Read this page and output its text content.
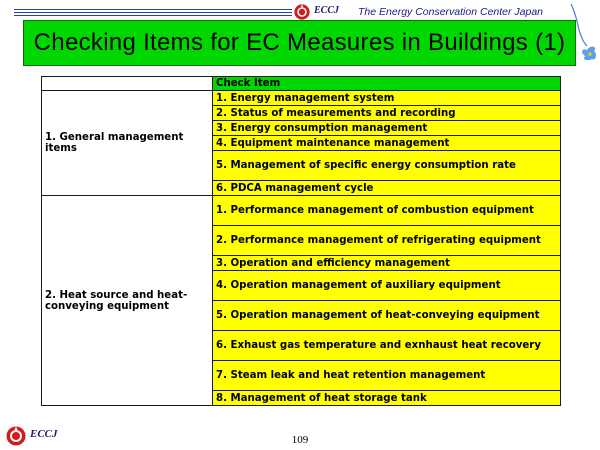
ECCJ The Energy Conservation Center Japan
Checking Items for EC Measures in Buildings (1)
	Check Item
1. General management items	1. Energy management system
	2. Status of measurements and recording
	3. Energy consumption management
	4. Equipment maintenance management
	5. Management of specific energy consumption rate
	6. PDCA management cycle
2. Heat source and heat-conveying equipment	1. Performance management of combustion equipment
	2. Performance management of refrigerating equipment
	3. Operation and efficiency management
	4. Operation management of auxiliary equipment
	5. Operation management of heat-conveying equipment
	6. Exhaust gas temperature and exnhaust heat recovery
	7. Steam leak and heat retention management
	8. Management of heat storage tank
ECCJ	109
